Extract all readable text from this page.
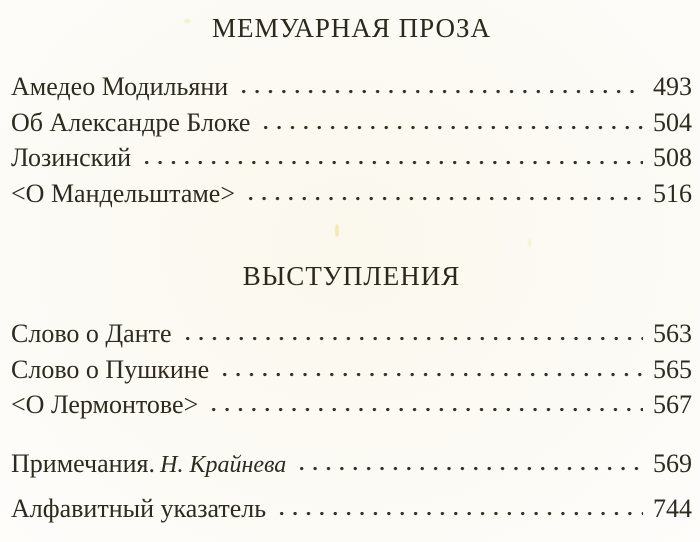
МЕМУАРНАЯ ПРОЗА
Амедео Модильяни	493
Об Александре Блоке	504
Лозинский	508
<О Мандельштаме>	516
ВЫСТУПЛЕНИЯ
Слово о Данте	563
Слово о Пушкине	565
<О Лермонтове>	567
Примечания.  Н. Крайнева	569
Алфавитный указатель	744
